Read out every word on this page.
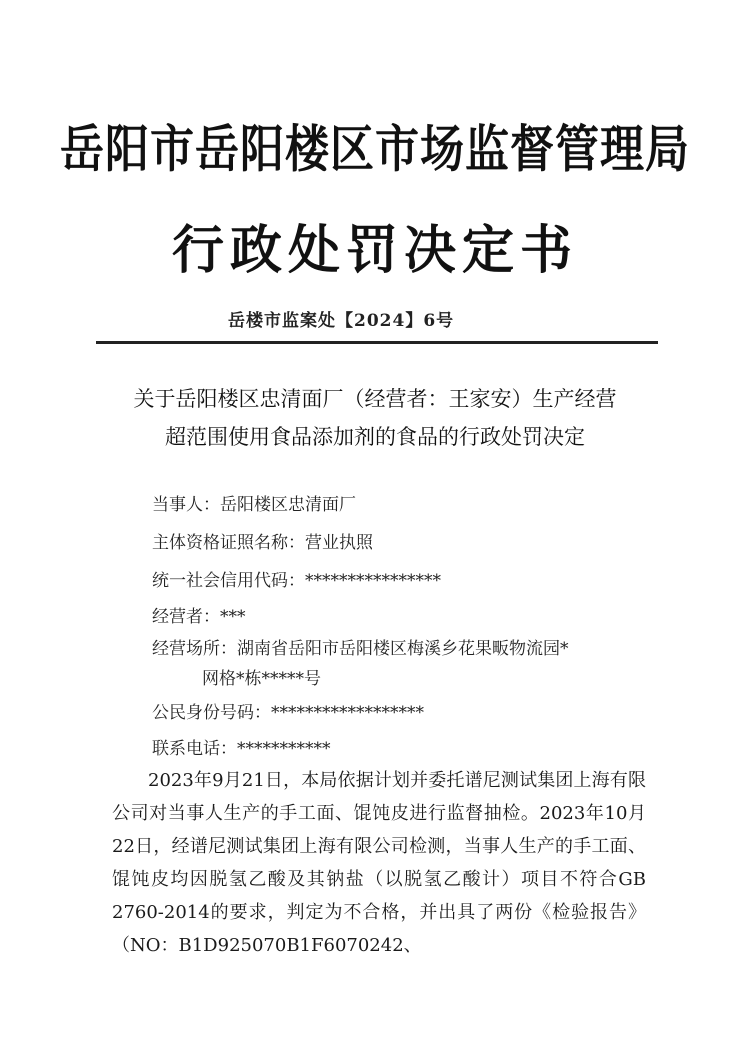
岳阳市岳阳楼区市场监督管理局
行政处罚决定书
岳楼市监案处【2024】6号
关于岳阳楼区忠清面厂（经营者：王家安）生产经营
超范围使用食品添加剂的食品的行政处罚决定
当事人：岳阳楼区忠清面厂
主体资格证照名称：营业执照
统一社会信用代码：****************
经营者：***
经营场所：湖南省岳阳市岳阳楼区梅溪乡花果畈物流园*
网格*栋*****号
公民身份号码：******************
联系电话：***********
2023年9月21日，本局依据计划并委托谱尼测试集团上海有限公司对当事人生产的手工面、馄饨皮进行监督抽检。2023年10月22日，经谱尼测试集团上海有限公司检测，当事人生产的手工面、馄饨皮均因脱氢乙酸及其钠盐（以脱氢乙酸计）项目不符合GB 2760-2014的要求，判定为不合格，并出具了两份《检验报告》（NO：B1D925070B1F6070242、
